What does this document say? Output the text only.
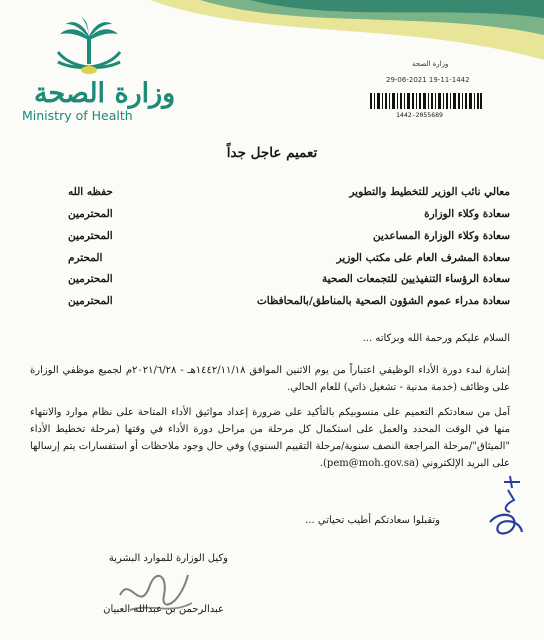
وزارة الصحة
Ministry of Health
وزارة الصحة
29-06-2021 19-11-1442
1442-2055689
تعميم عاجل جداً
معالي نائب الوزير للتخطيط والتطوير
حفظه الله
سعادة وكلاء الوزارة
المحترمين
سعادة وكلاء الوزارة المساعدين
المحترمين
سعادة المشرف العام على مكتب الوزير
المحترم
سعادة الرؤساء التنفيذيين للتجمعات الصحية
المحترمين
سعادة مدراء عموم الشؤون الصحية بالمناطق/بالمحافظات
المحترمين
السلام عليكم ورحمة الله وبركاته ...
إشارة لبدء دورة الأداء الوظيفي اعتباراً من يوم الاثنين الموافق ١٤٤٢/١١/١٨هـ - ٢٠٢١/٦/٢٨م لجميع موظفي الوزارة على وظائف (خدمة مدنية - تشغيل ذاتي) للعام الحالي.
آمل من سعادتكم التعميم على منسوبيكم بالتأكيد على ضرورة إعداد مواثيق الأداء المتاحة على نظام موارد والانتهاء منها في الوقت المحدد والعمل على استكمال كل مرحلة من مراحل دورة الأداء في وقتها (مرحلة تخطيط الأداء "الميثاق"/مرحلة المراجعة النصف سنوية/مرحلة التقييم السنوي) وفي حال وجود ملاحظات أو استفسارات يتم إرسالها على البريد الإلكتروني (pem@moh.gov.sa).
وتقبلوا سعادتكم أطيب تحياتي ...
وكيل الوزارة للموارد البشرية
عبدالرحمن بن عبدالله العبيان
